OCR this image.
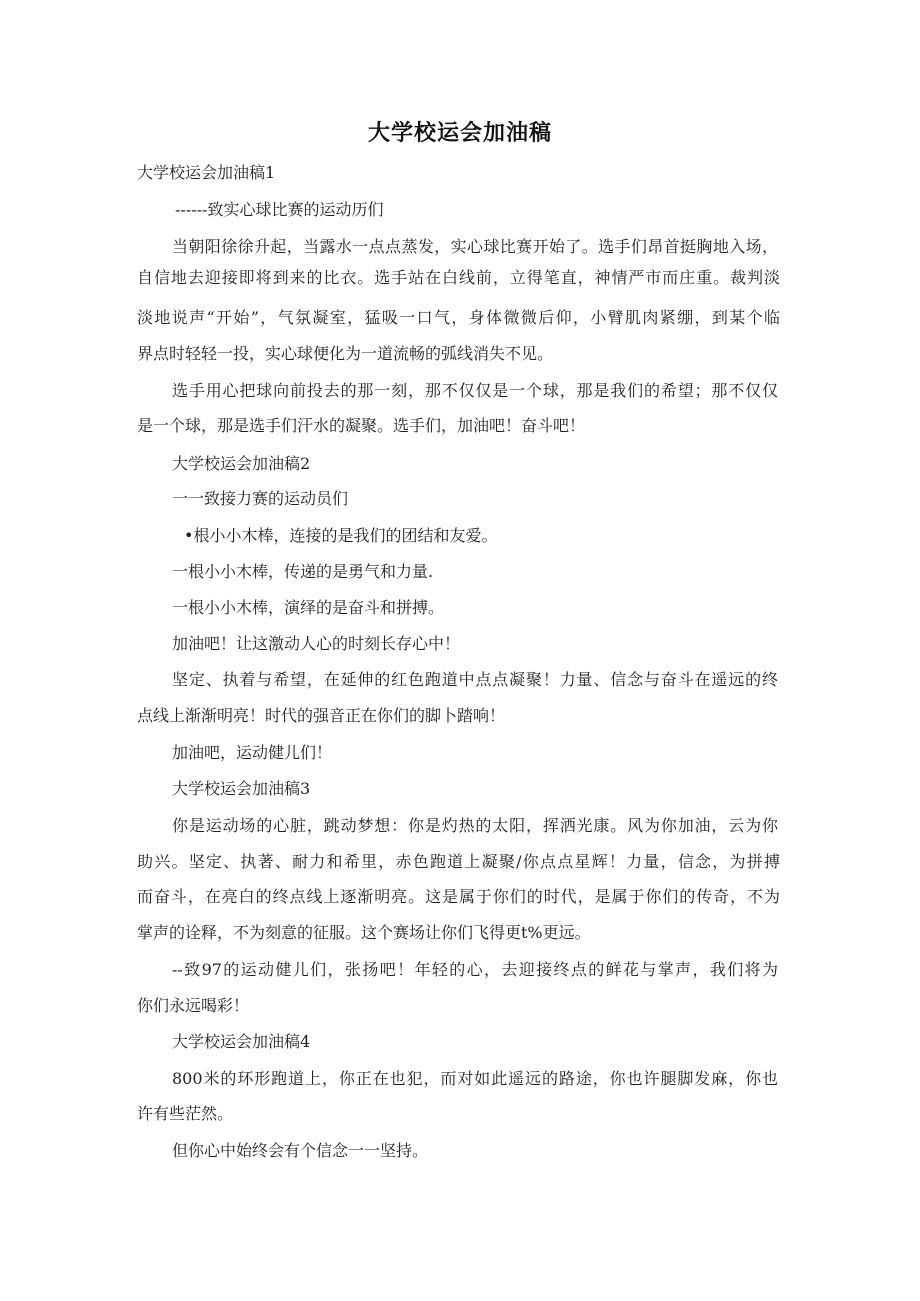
大学校运会加油稿
大学校运会加油稿1
------致实心球比赛的运动历们
当朝阳徐徐升起，当露水一点点蒸发，实心球比赛开始了。选手们昂首挺胸地入场，
自信地去迎接即将到来的比衣。选手站在白线前，立得笔直，神情严市而庄重。裁判淡
淡地说声“开始”，气氛凝室，猛吸一口气，身体微微后仰，小臂肌肉紧绷，到某个临
界点时轻轻一投，实心球便化为一道流畅的弧线消失不见。
选手用心把球向前投去的那一刻，那不仅仅是一个球，那是我们的希望；那不仅仅
是一个球，那是选手们汗水的凝聚。选手们，加油吧！奋斗吧！
大学校运会加油稿2
一一致接力赛的运动员们
•根小小木棒，连接的是我们的团结和友爱。
一根小小木棒，传递的是勇气和力量.
一根小小木棒，演绎的是奋斗和拼搏。
加油吧！让这激动人心的时刻长存心中！
坚定、执着与希望，在延伸的红色跑道中点点凝聚！力量、信念与奋斗在遥远的终
点线上渐渐明亮！时代的强音正在你们的脚卜踏响！
加油吧，运动健儿们！
大学校运会加油稿3
你是运动场的心脏，跳动梦想：你是灼热的太阳，挥洒光康。风为你加油，云为你
助兴。坚定、执著、耐力和希里，赤色跑道上凝聚/你点点星辉！力量，信念，为拼搏
而奋斗，在亮白的终点线上逐渐明亮。这是属于你们的时代，是属于你们的传奇，不为
掌声的诠释，不为刻意的征服。这个赛场让你们飞得更t%更远。
--致97的运动健儿们，张扬吧！年轻的心，去迎接终点的鲜花与掌声，我们将为
你们永远喝彩！
大学校运会加油稿4
800米的环形跑道上，你正在也犯，而对如此遥远的路途，你也许腿脚发麻，你也
许有些茫然。
但你心中始终会有个信念一一坚持。
